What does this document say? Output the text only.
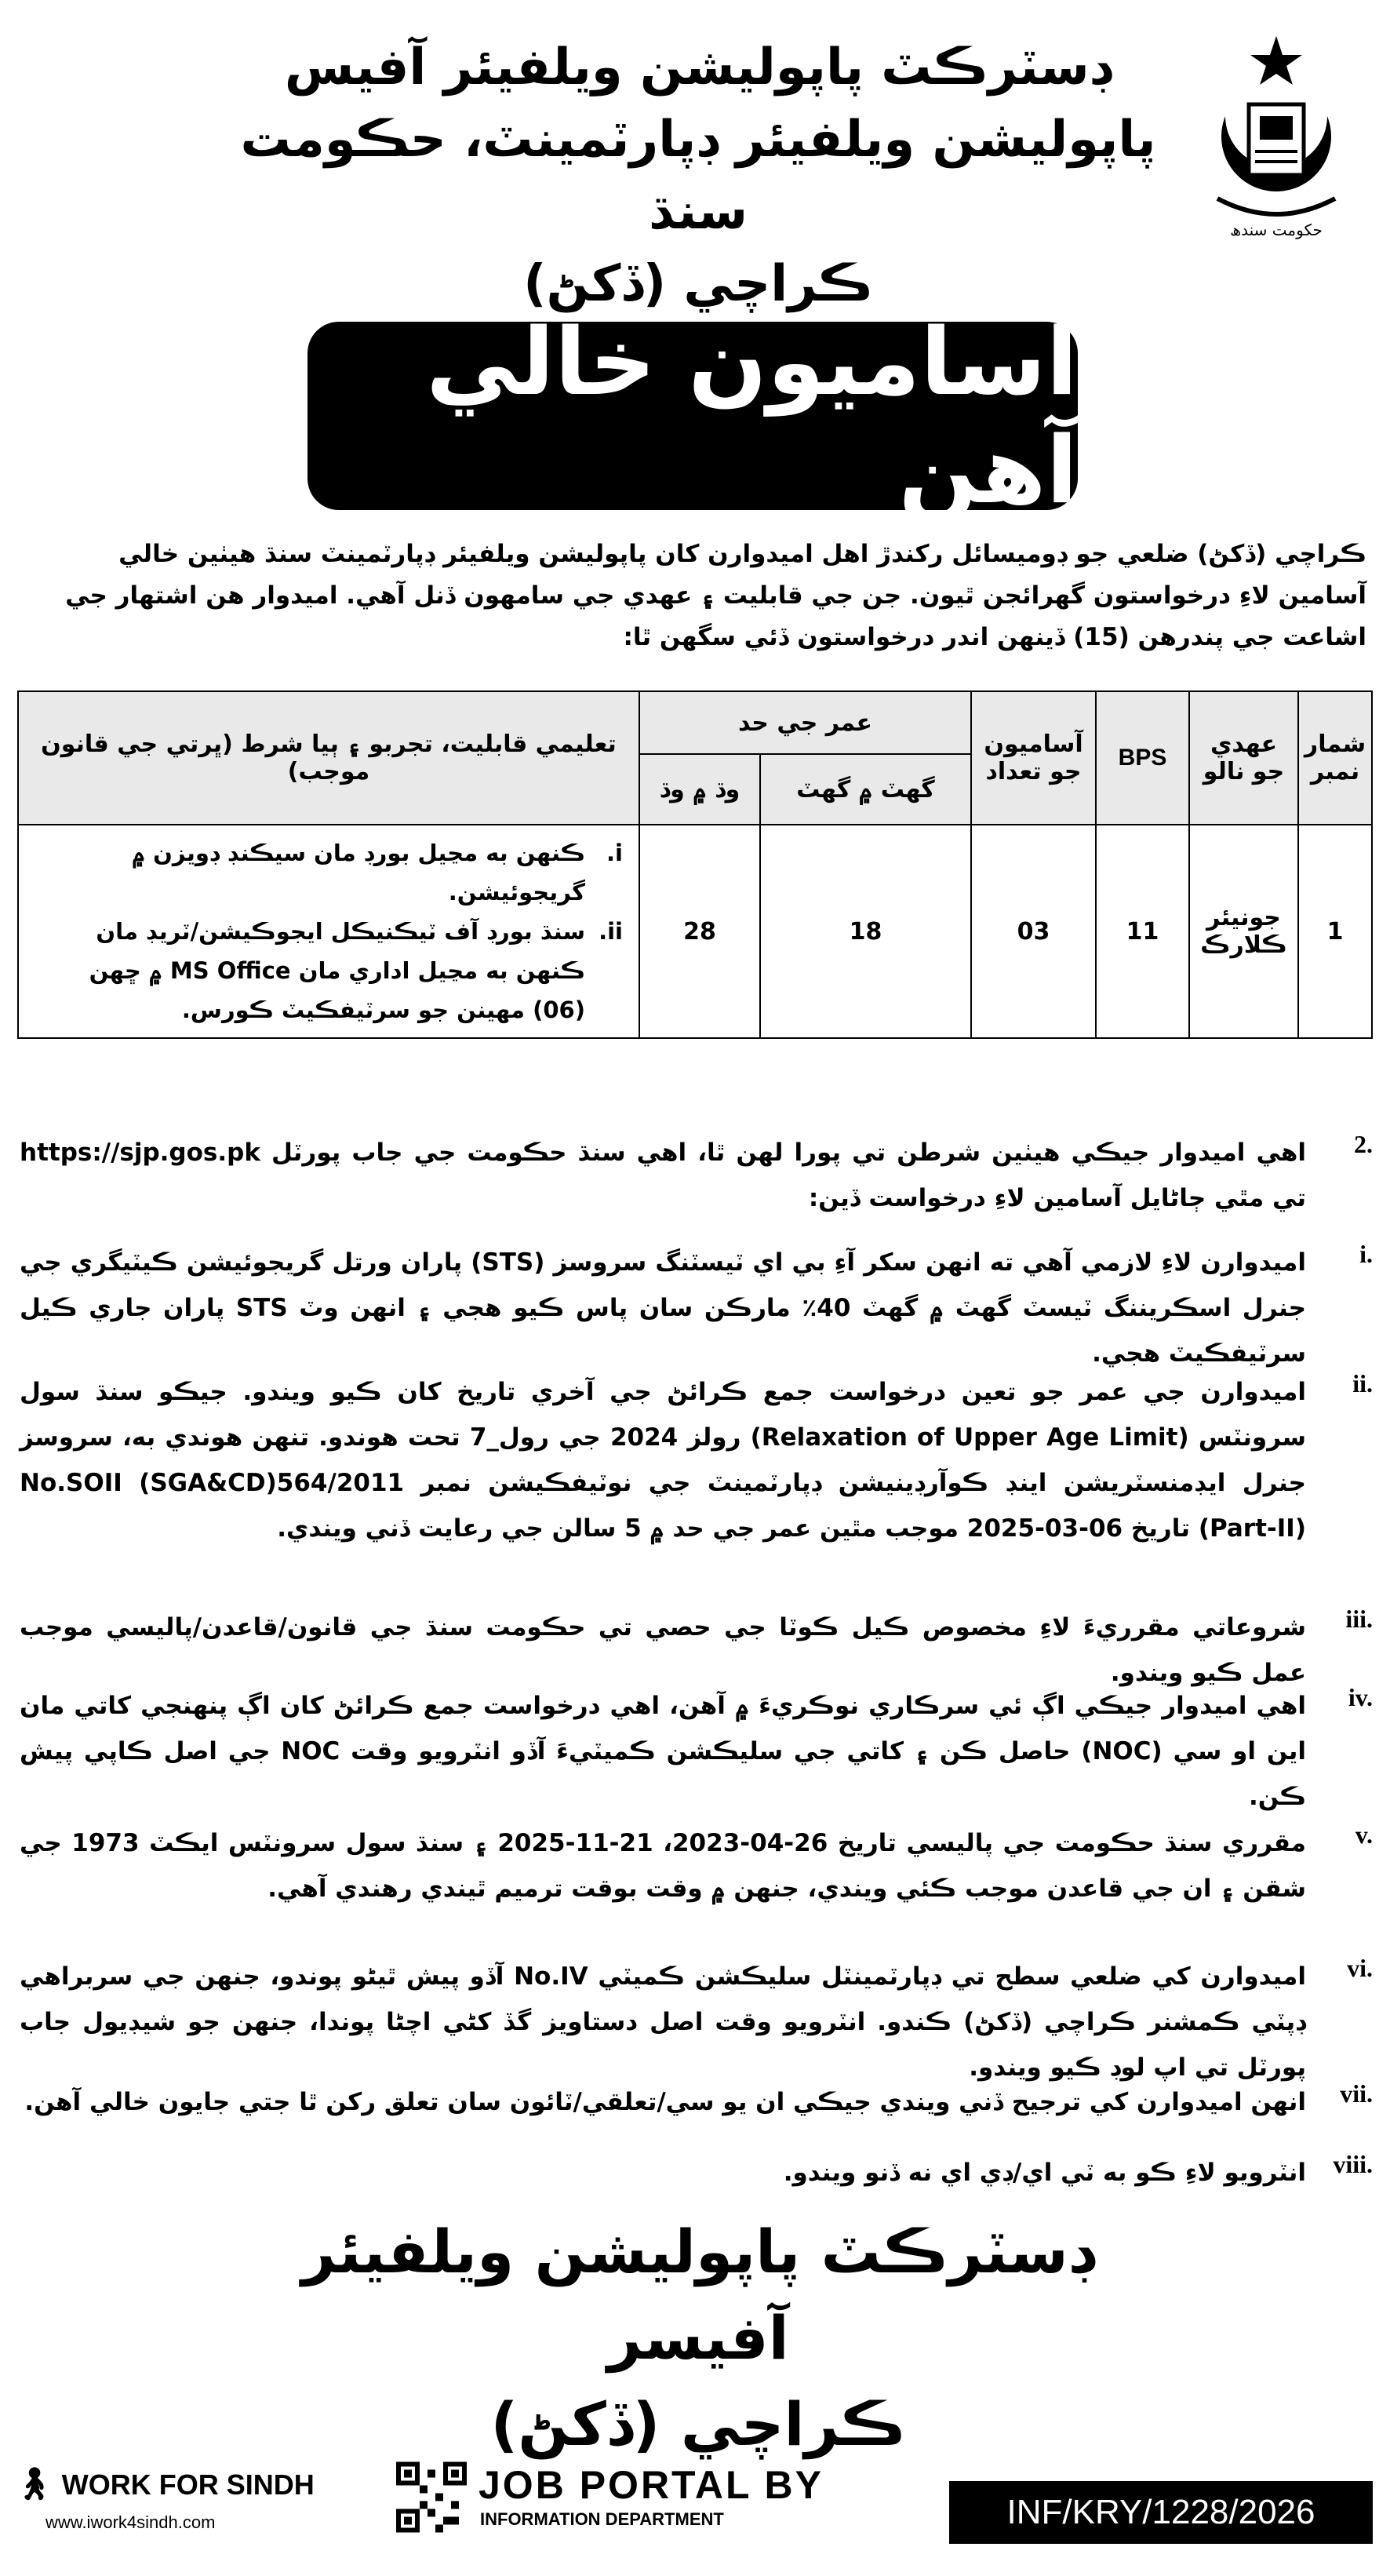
ڊسٽرڪٽ پاپوليشن ويلفيئر آفيس
پاپوليشن ويلفيئر ڊپارٽمينٽ، حڪومت سنڌ
ڪراچي (ڏکڻ)
حکومت سندھ
آساميون خالي آهن
ڪراچي (ڏکڻ) ضلعي جو ڊوميسائل رکندڙ اهل اميدوارن کان پاپوليشن ويلفيئر ڊپارٽمينٽ سنڌ هيٺين خالي آسامين لاءِ درخواستون گهرائجن ٿيون. جن جي قابليت ۽ عهدي جي سامهون ڏنل آهي. اميدوار هن اشتهار جي اشاعت جي پندرهن (15) ڏينهن اندر درخواستون ڏئي سگهن ٿا:
شمار نمبر	عهدي جو نالو	BPS	آساميون جو تعداد	عمر جي حد		تعليمي قابليت، تجربو ۽ ٻيا شرط (ڀرتي جي قانون موجب)
				گهٽ ۾ گهٽ	وڌ ۾ وڌ	
1	جونيئر ڪلارڪ	11	03	18	28	i.
ڪنهن به مڃيل بورڊ مان سيڪنڊ ڊويزن ۾ گريجوئيشن.
ii.
سنڌ بورڊ آف ٽيڪنيڪل ايجوڪيشن/ٽريڊ مان ڪنهن به مڃيل اداري مان MS Office ۾ ڇهن (06) مهينن جو سرٽيفڪيٽ ڪورس.
2.
اهي اميدوار جيڪي هيٺين شرطن تي پورا لهن ٿا، اهي سنڌ حڪومت جي جاب پورٽل https://sjp.gos.pk تي مٿي ڄاڻايل آسامين لاءِ درخواست ڏين:
i.
اميدوارن لاءِ لازمي آهي ته انهن سکر آءِ بي اي ٽيسٽنگ سروسز (STS) پاران ورتل گريجوئيشن ڪيٽيگري جي جنرل اسڪريننگ ٽيسٽ گهٽ ۾ گهٽ 40٪ مارڪن سان پاس ڪيو هجي ۽ انهن وٽ STS پاران جاري ڪيل سرٽيفڪيٽ هجي.
ii.
اميدوارن جي عمر جو تعين درخواست جمع ڪرائڻ جي آخري تاريخ کان ڪيو ويندو. جيڪو سنڌ سول سرونٽس (Relaxation of Upper Age Limit) رولز 2024 جي رول_7 تحت هوندو. تنهن هوندي به، سروسز جنرل ايڊمنسٽريشن اينڊ ڪوآرڊينيشن ڊپارٽمينٽ جي نوٽيفڪيشن نمبر No.SOII (SGA&CD)564/2011 (Part-II) تاريخ 06-03-2025 موجب مٿين عمر جي حد ۾ 5 سالن جي رعايت ڏني ويندي.
iii.
شروعاتي مقرريءَ لاءِ مخصوص ڪيل ڪوٽا جي حصي تي حڪومت سنڌ جي قانون/قاعدن/پاليسي موجب عمل ڪيو ويندو.
iv.
اهي اميدوار جيڪي اڳ ئي سرڪاري نوڪريءَ ۾ آهن، اهي درخواست جمع ڪرائڻ کان اڳ پنهنجي کاتي مان اين او سي (NOC) حاصل ڪن ۽ کاتي جي سليڪشن ڪميٽيءَ آڏو انٽرويو وقت NOC جي اصل ڪاپي پيش ڪن.
v.
مقرري سنڌ حڪومت جي پاليسي تاريخ 26-04-2023، 21-11-2025 ۽ سنڌ سول سرونٽس ايڪٽ 1973 جي شقن ۽ ان جي قاعدن موجب ڪئي ويندي، جنهن ۾ وقت بوقت ترميم ٿيندي رهندي آهي.
vi.
اميدوارن کي ضلعي سطح تي ڊپارٽمينٽل سليڪشن ڪميٽي No.IV آڏو پيش ٿيڻو پوندو، جنهن جي سربراهي ڊپٽي ڪمشنر ڪراچي (ڏکڻ) ڪندو. انٽرويو وقت اصل دستاويز گڏ کڻي اچڻا پوندا، جنهن جو شيڊيول جاب پورٽل تي اپ لوڊ ڪيو ويندو.
vii.
انهن اميدوارن کي ترجيح ڏني ويندي جيڪي ان يو سي/تعلقي/ٽائون سان تعلق رکن ٿا جتي جايون خالي آهن.
viii.
انٽرويو لاءِ ڪو به ٽي اي/ڊي اي نه ڏنو ويندو.
ڊسٽرڪٽ پاپوليشن ويلفيئر آفيسر
ڪراچي (ڏکڻ)
🚶︎ WORK FOR SINDH
www.iwork4sindh.com
JOB PORTAL BY
INFORMATION DEPARTMENT	INF/KRY/1228/2026
